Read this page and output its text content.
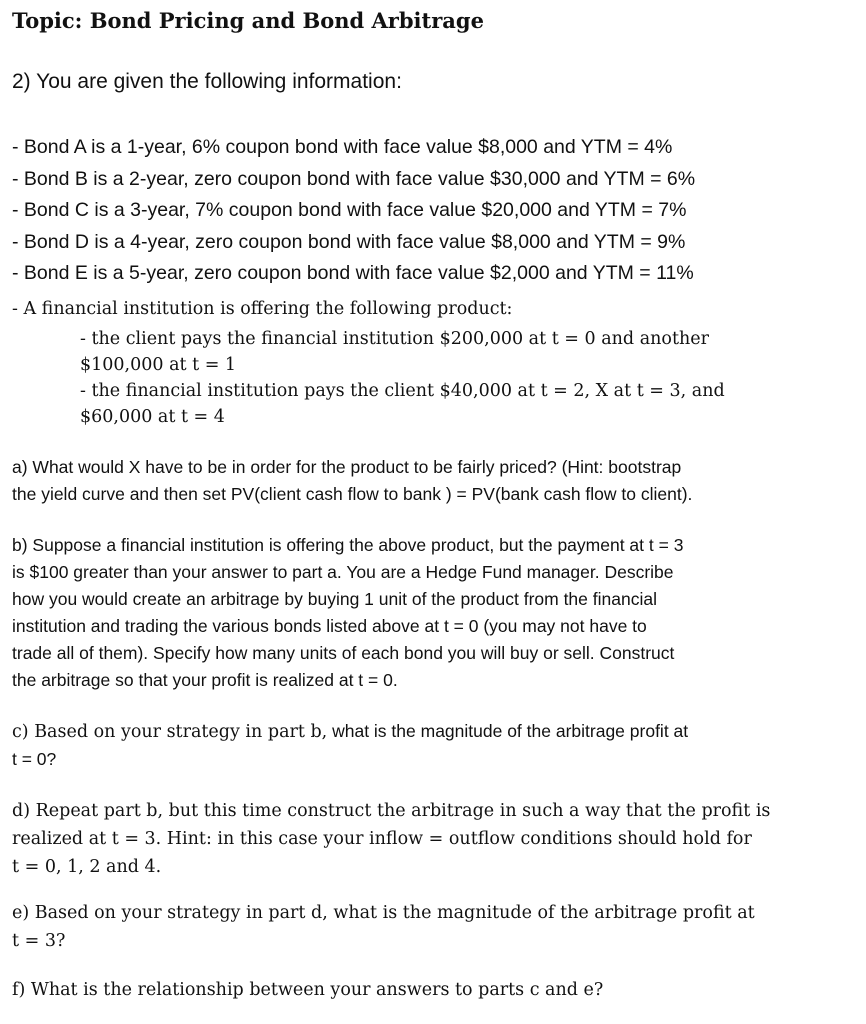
Topic: Bond Pricing and Bond Arbitrage
2) You are given the following information:
- Bond A is a 1-year, 6% coupon bond with face value $8,000 and YTM = 4%
- Bond B is a 2-year, zero coupon bond with face value $30,000 and YTM = 6%
- Bond C is a 3-year, 7% coupon bond with face value $20,000 and YTM = 7%
- Bond D is a 4-year, zero coupon bond with face value $8,000 and YTM = 9%
- Bond E is a 5-year, zero coupon bond with face value $2,000 and YTM = 11%
- A financial institution is offering the following product:
- the client pays the financial institution $200,000 at t = 0 and another
$100,000 at t = 1
- the financial institution pays the client $40,000 at t = 2, X at t = 3, and
$60,000 at t = 4
a) What would X have to be in order for the product to be fairly priced? (Hint: bootstrap
the yield curve and then set PV(client cash flow to bank ) = PV(bank cash flow to client).
b) Suppose a financial institution is offering the above product, but the payment at t = 3
is $100 greater than your answer to part a. You are a Hedge Fund manager. Describe
how you would create an arbitrage by buying 1 unit of the product from the financial
institution and trading the various bonds listed above at t = 0 (you may not have to
trade all of them). Specify how many units of each bond you will buy or sell. Construct
the arbitrage so that your profit is realized at t = 0.
c) Based on your strategy in part b, what is the magnitude of the arbitrage profit at
t = 0?
d) Repeat part b, but this time construct the arbitrage in such a way that the profit is
realized at t = 3. Hint: in this case your inflow = outflow conditions should hold for
t = 0, 1, 2 and 4.
e) Based on your strategy in part d, what is the magnitude of the arbitrage profit at
t = 3?
f) What is the relationship between your answers to parts c and e?
